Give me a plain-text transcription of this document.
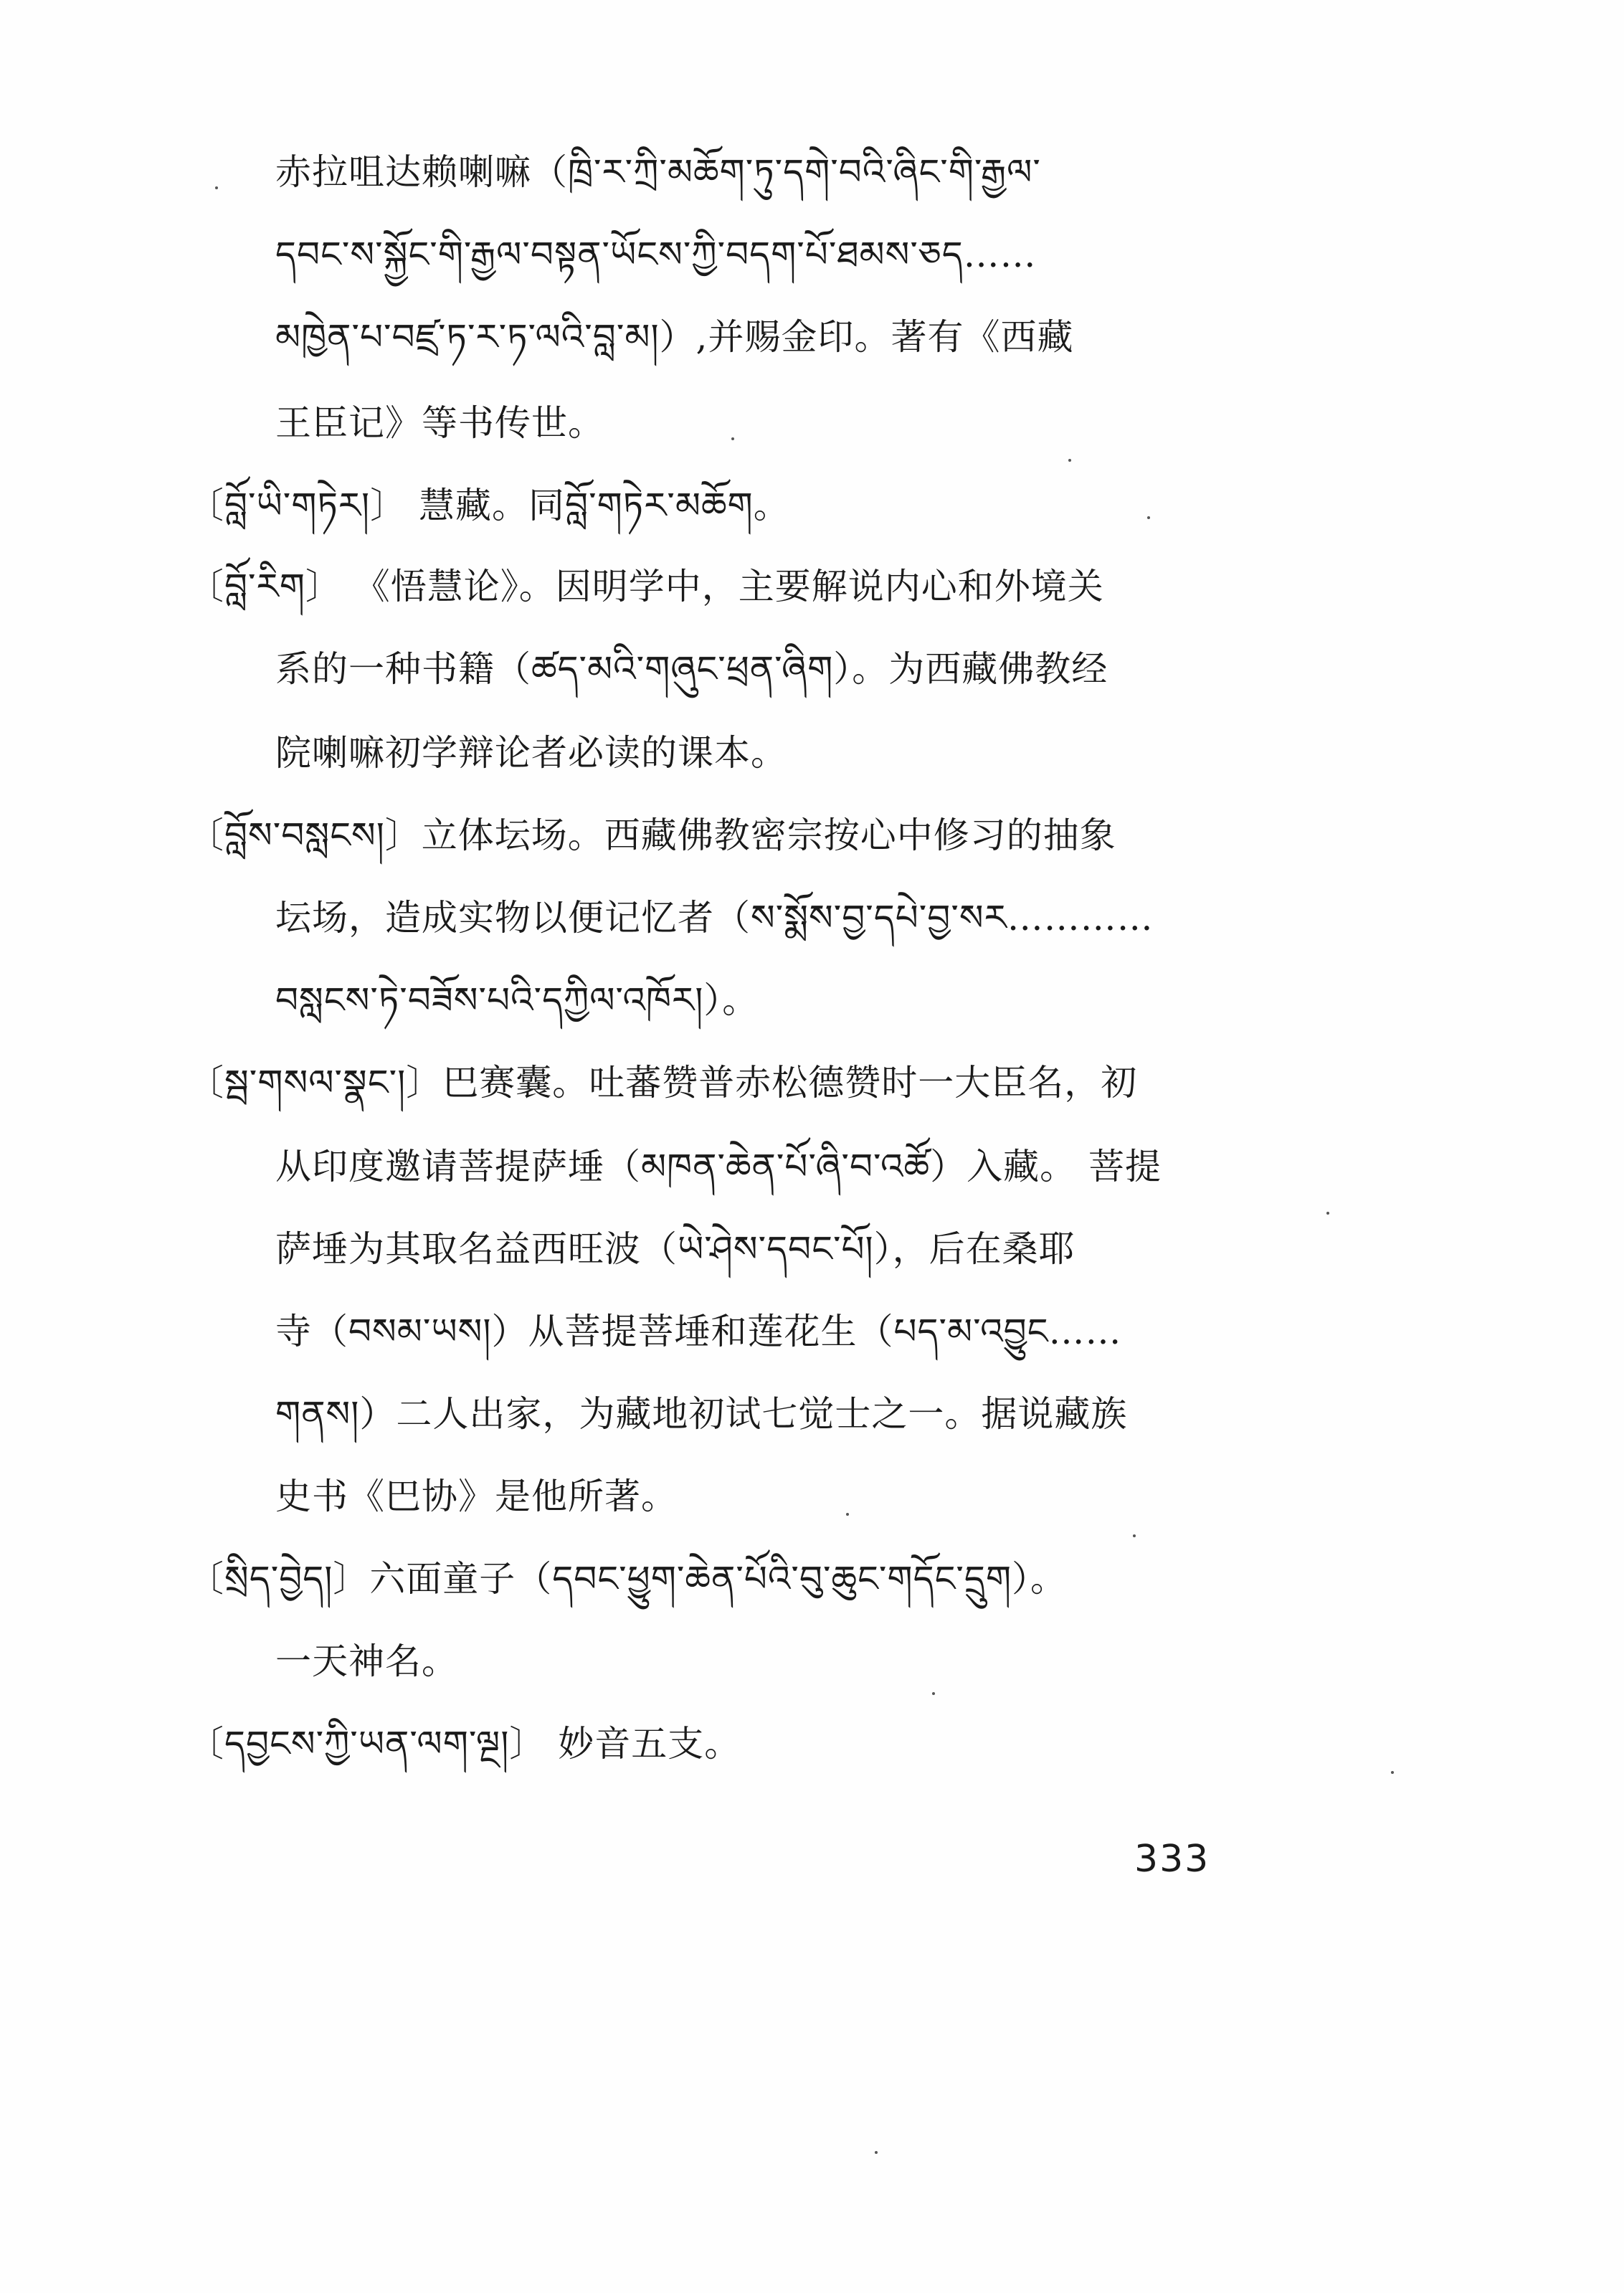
赤拉咀达赖喇嘛（ཁྲི་ར་ཀྲི་མཆོག་ཏུ་དགེ་བའི་ཞིང་གི་རྒྱལ་
དབང་ས་སྐྱོང་གི་རྒྱལ་བསྟན་ཡོངས་ཀྱི་བདག་པོ་ཐམས་ཅད……
མཁྱེན་པ་བཛྲ་ཏ་ར་ཏ་ལའི་བླ་མ།）,并赐金印。著有《西藏
王臣记》等书传世。
〔བློ་ཡི་གཏེར།〕 慧藏。同བློ་གཏེར་མཆོག。
〔བློ་རིག〕 《悟慧论》。因明学中，主要解说内心和外境关
系的一种书籍（ཚད་མའི་གཞུང་ཕྲན་ཞིག）。为西藏佛教经
院喇嘛初学辩论者必读的课本。
〔བློས་བསླངས།〕立体坛场。西藏佛教密宗按心中修习的抽象
坛场，造成实物以便记忆者（ས་སྨོས་བྱ་དཔེ་བྱ་སར…………
བསླངས་ཏེ་བཟོས་པའི་དཀྱིལ་འཁོར།）。
〔སྦ་གསལ་སྣང་།〕巴赛囊。吐蕃赞普赤松德赞时一大臣名，初
从印度邀请菩提萨埵（མཁན་ཆེན་པོ་ཞི་བ་འཚོ）入藏。 菩提
萨埵为其取名益西旺波（ཡེ་ཤེས་དབང་པོ།），后在桑耶
寺（བསམ་ཡས།）从菩提菩埵和莲花生（པད་མ་འབྱུང……
གནས།）二人出家，为藏地初试七觉士之一。据说藏族
史书《巴协》是他所著。
〔སྲིད་བྱེད།〕六面童子（དབང་ཕྱུག་ཆེན་པོའི་བུ་ཆུང་གདོང་དྲུག）。
一天神名。
〔དབྱངས་ཀྱི་ཡན་ལག་ལྔ།〕 妙音五支。
333
